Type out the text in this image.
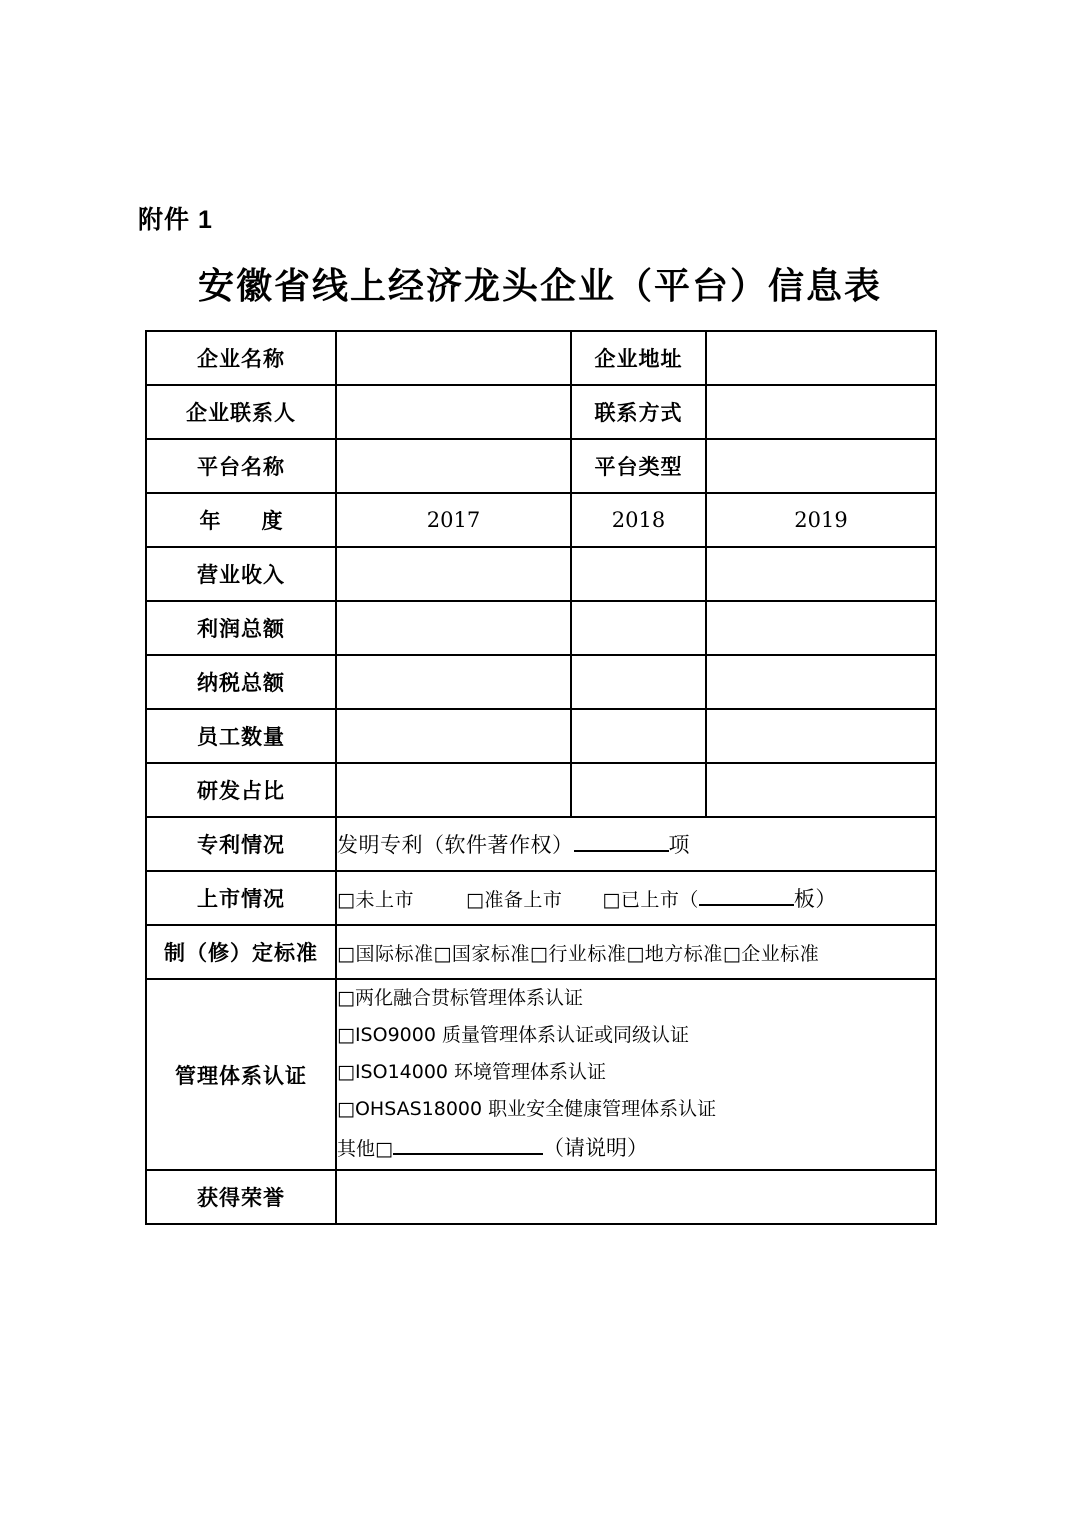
附件 1
安徽省线上经济龙头企业（平台）信息表
企业名称		企业地址	
企业联系人		联系方式	
平台名称		平台类型	
年　度	2017	2018	2019
营业收入			
利润总额			
纳税总额			
员工数量			
研发占比			
专利情况	发明专利（软件著作权） 项		
上市情况	□未上市 □准备上市 □已上市（ 板）		
制（修）定标准	□国际标准□国家标准□行业标准□地方标准□企业标准		
管理体系认证	□两化融合贯标管理体系认证
□ISO9000 质量管理体系认证或同级认证
□ISO14000 环境管理体系认证
□OHSAS18000 职业安全健康管理体系认证
其他□ （请说明）		

获得荣誉			
